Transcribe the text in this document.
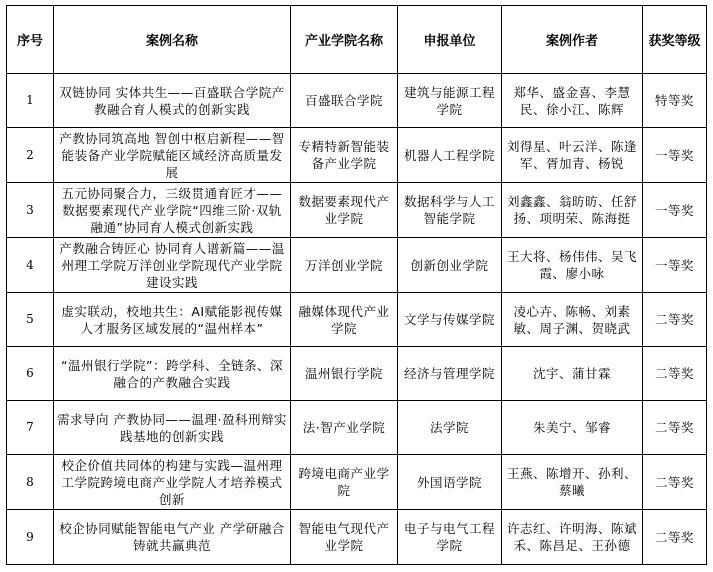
序号	案例名称	产业学院名称	申报单位	案例作者	获奖等级
1	双链协同 实体共生——百盛联合学院产教融合育人模式的创新实践	百盛联合学院	建筑与能源工程学院	郑华、盛金喜、李慧民、徐小江、陈辉	特等奖
2	产教协同筑高地 智创中枢启新程——智能装备产业学院赋能区域经济高质量发展	专精特新智能装备产业学院	机器人工程学院	刘得星、叶云洋、陈逢军、胥加青、杨锐	一等奖
3	五元协同聚合力，三级贯通育匠才——数据要素现代产业学院“四维三阶·双轨融通”协同育人模式创新实践	数据要素现代产业学院	数据科学与人工智能学院	刘鑫鑫、翁昉昉、任舒扬、项明荣、陈海挺	一等奖
4	产教融合铸匠心 协同育人谱新篇——温州理工学院万洋创业学院现代产业学院建设实践	万洋创业学院	创新创业学院	王大将、杨伟伟、吴飞霞、廖小咏	一等奖
5	虚实联动，校地共生：AI赋能影视传媒人才服务区域发展的“温州样本”	融媒体现代产业学院	文学与传媒学院	凌心卉、陈畅、刘素敏、周子渊、贺晓武	二等奖
6	“温州银行学院”：跨学科、全链条、深融合的产教融合实践	温州银行学院	经济与管理学院	沈宇、蒲甘霖	二等奖
7	需求导向 产教协同——温理·盈科刑辩实践基地的创新实践	法·智产业学院	法学院	朱美宁、邹睿	二等奖
8	校企价值共同体的构建与实践—温州理工学院跨境电商产业学院人才培养模式创新	跨境电商产业学院	外国语学院	王燕、陈增开、孙利、蔡曦	二等奖
9	校企协同赋能智能电气产业 产学研融合铸就共赢典范	智能电气现代产业学院	电子与电气工程学院	许志红、许明海、陈斌禾、陈昌足、王孙德	二等奖
